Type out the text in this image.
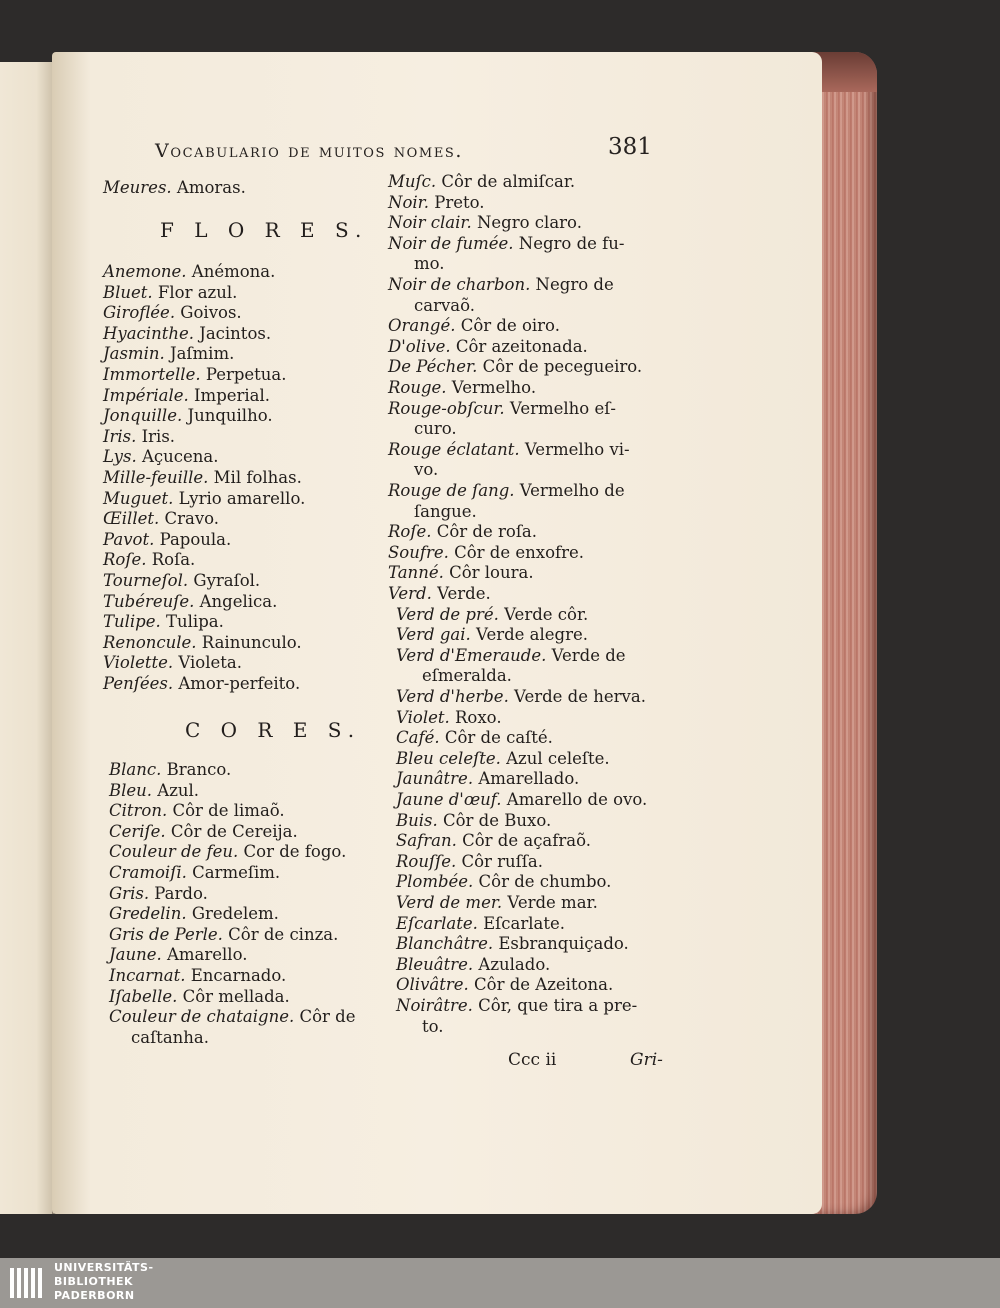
Vocabulario de muitos nomes.	381
Meures. Amoras.
F L O R E S.
Anemone. Anémona.
Bluet. Flor azul.
Giroflée. Goivos.
Hyacinthe. Jacintos.
Jasmin. Jaſmim.
Immortelle. Perpetua.
Impériale. Imperial.
Jonquille. Junquilho.
Iris. Iris.
Lys. Açucena.
Mille-feuille. Mil folhas.
Muguet. Lyrio amarello.
Œillet. Cravo.
Pavot. Papoula.
Roſe. Roſa.
Tourneſol. Gyraſol.
Tubéreuſe. Angelica.
Tulipe. Tulipa.
Renoncule. Rainunculo.
Violette. Violeta.
Penſées. Amor-perfeito.
C O R E S.
Blanc. Branco.
Bleu. Azul.
Citron. Côr de limaõ.
Ceriſe. Côr de Cereija.
Couleur de feu. Cor de fogo.
Cramoiſi. Carmeſim.
Gris. Pardo.
Gredelin. Gredelem.
Gris de Perle. Côr de cinza.
Jaune. Amarello.
Incarnat. Encarnado.
Iſabelle. Côr mellada.
Couleur de chataigne. Côr de
caſtanha.
Muſc. Côr de almiſcar.
Noir. Preto.
Noir clair. Negro claro.
Noir de fumée. Negro de fu-
mo.
Noir de charbon. Negro de
carvaõ.
Orangé. Côr de oiro.
D'olive. Côr azeitonada.
De Pécher. Côr de pecegueiro.
Rouge. Vermelho.
Rouge-obſcur. Vermelho eſ-
curo.
Rouge éclatant. Vermelho vi-
vo.
Rouge de ſang. Vermelho de
ſangue.
Roſe. Côr de roſa.
Soufre. Côr de enxofre.
Tanné. Côr loura.
Verd. Verde.
Verd de pré. Verde côr.
Verd gai. Verde alegre.
Verd d'Emeraude. Verde de
eſmeralda.
Verd d'herbe. Verde de herva.
Violet. Roxo.
Café. Côr de caſté.
Bleu celeſte. Azul celeſte.
Jaunâtre. Amarellado.
Jaune d'œuf. Amarello de ovo.
Buis. Côr de Buxo.
Safran. Côr de açafraõ.
Rouſſe. Côr ruſſa.
Plombée. Côr de chumbo.
Verd de mer. Verde mar.
Eſcarlate. Eſcarlate.
Blanchâtre. Esbranquiçado.
Bleuâtre. Azulado.
Olivâtre. Côr de Azeitona.
Noirâtre. Côr, que tira a pre-
to.
Ccc ii	Gri-
UNIVERSITÄTS-
BIBLIOTHEK
PADERBORN
